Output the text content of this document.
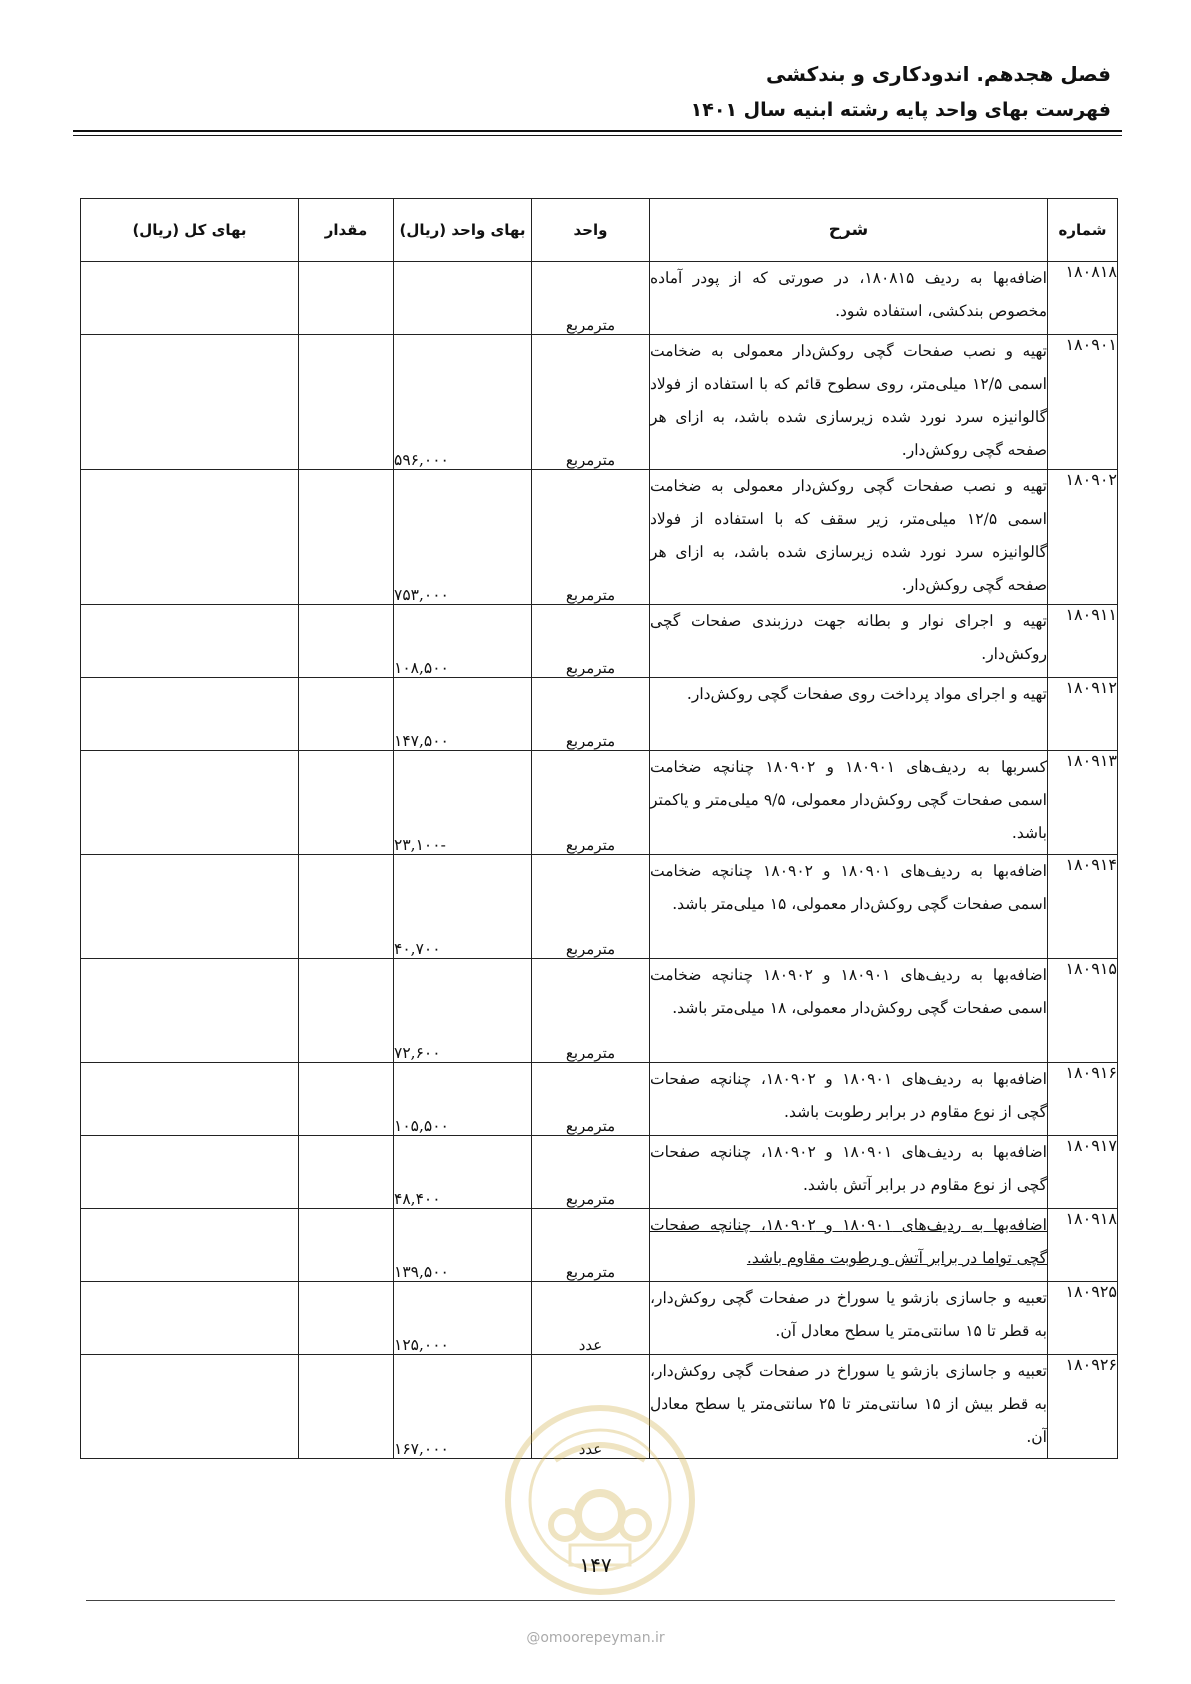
فصل هجدهم. اندودکاری و بندکشی
فهرست بهای واحد پایه رشته ابنیه سال ۱۴۰۱
شماره	شرح	واحد	بهای واحد (ریال)	مقدار	بهای کل (ریال)
۱۸۰۸۱۸	اضافه‌بها به ردیف ۱۸۰۸۱۵، در صورتی که از پودر آماده مخصوص بندکشی، استفاده شود.	مترمربع			
۱۸۰۹۰۱	تهیه و نصب صفحات گچی روکش‌دار معمولی به ضخامت اسمی ۱۲/۵ میلی‌متر، روی سطوح قائم که با استفاده از فولاد گالوانیزه سرد نورد شده زیرسازی شده باشد، به ازای هر صفحه گچی روکش‌دار.	مترمربع	۵۹۶,۰۰۰		
۱۸۰۹۰۲	تهیه و نصب صفحات گچی روکش‌دار معمولی به ضخامت اسمی ۱۲/۵ میلی‌متر، زیر سقف که با استفاده از فولاد گالوانیزه سرد نورد شده زیرسازی شده باشد، به ازای هر صفحه گچی روکش‌دار.	مترمربع	۷۵۳,۰۰۰		
۱۸۰۹۱۱	تهیه و اجرای نوار و بطانه جهت درزبندی صفحات گچی روکش‌دار.	مترمربع	۱۰۸,۵۰۰		
۱۸۰۹۱۲	تهیه و اجرای مواد پرداخت روی صفحات گچی روکش‌دار.	مترمربع	۱۴۷,۵۰۰		
۱۸۰۹۱۳	کسربها به ردیف‌های ۱۸۰۹۰۱ و ۱۸۰۹۰۲ چنانچه ضخامت اسمی صفحات گچی روکش‌دار معمولی، ۹/۵ میلی‌متر و یاکمتر باشد.	مترمربع	-۲۳,۱۰۰		
۱۸۰۹۱۴	اضافه‌بها به ردیف‌های ۱۸۰۹۰۱ و ۱۸۰۹۰۲ چنانچه ضخامت اسمی صفحات گچی روکش‌دار معمولی، ۱۵ میلی‌متر باشد.	مترمربع	۴۰,۷۰۰		
۱۸۰۹۱۵	اضافه‌بها به ردیف‌های ۱۸۰۹۰۱ و ۱۸۰۹۰۲ چنانچه ضخامت اسمی صفحات گچی روکش‌دار معمولی، ۱۸ میلی‌متر باشد.	مترمربع	۷۲,۶۰۰		
۱۸۰۹۱۶	اضافه‌بها به ردیف‌های ۱۸۰۹۰۱ و ۱۸۰۹۰۲، چنانچه صفحات گچی از نوع مقاوم در برابر رطوبت باشد.	مترمربع	۱۰۵,۵۰۰		
۱۸۰۹۱۷	اضافه‌بها به ردیف‌های ۱۸۰۹۰۱ و ۱۸۰۹۰۲، چنانچه صفحات گچی از نوع مقاوم در برابر آتش باشد.	مترمربع	۴۸,۴۰۰		
۱۸۰۹۱۸	اضافه‌بها به ردیف‌های ۱۸۰۹۰۱ و ۱۸۰۹۰۲، چنانچه صفحات گچی تواما در برابر آتش و رطوبت مقاوم باشد.	مترمربع	۱۳۹,۵۰۰		
۱۸۰۹۲۵	تعبیه و جاسازی بازشو یا سوراخ در صفحات گچی روکش‌دار، به قطر تا ۱۵ سانتی‌متر یا سطح معادل آن.	عدد	۱۲۵,۰۰۰		
۱۸۰۹۲۶	تعبیه و جاسازی بازشو یا سوراخ در صفحات گچی روکش‌دار، به قطر بیش از ۱۵ سانتی‌متر تا ۲۵ سانتی‌متر یا سطح معادل آن.	عدد	۱۶۷,۰۰۰		
۱۴۷
@omoorepeyman.ir
